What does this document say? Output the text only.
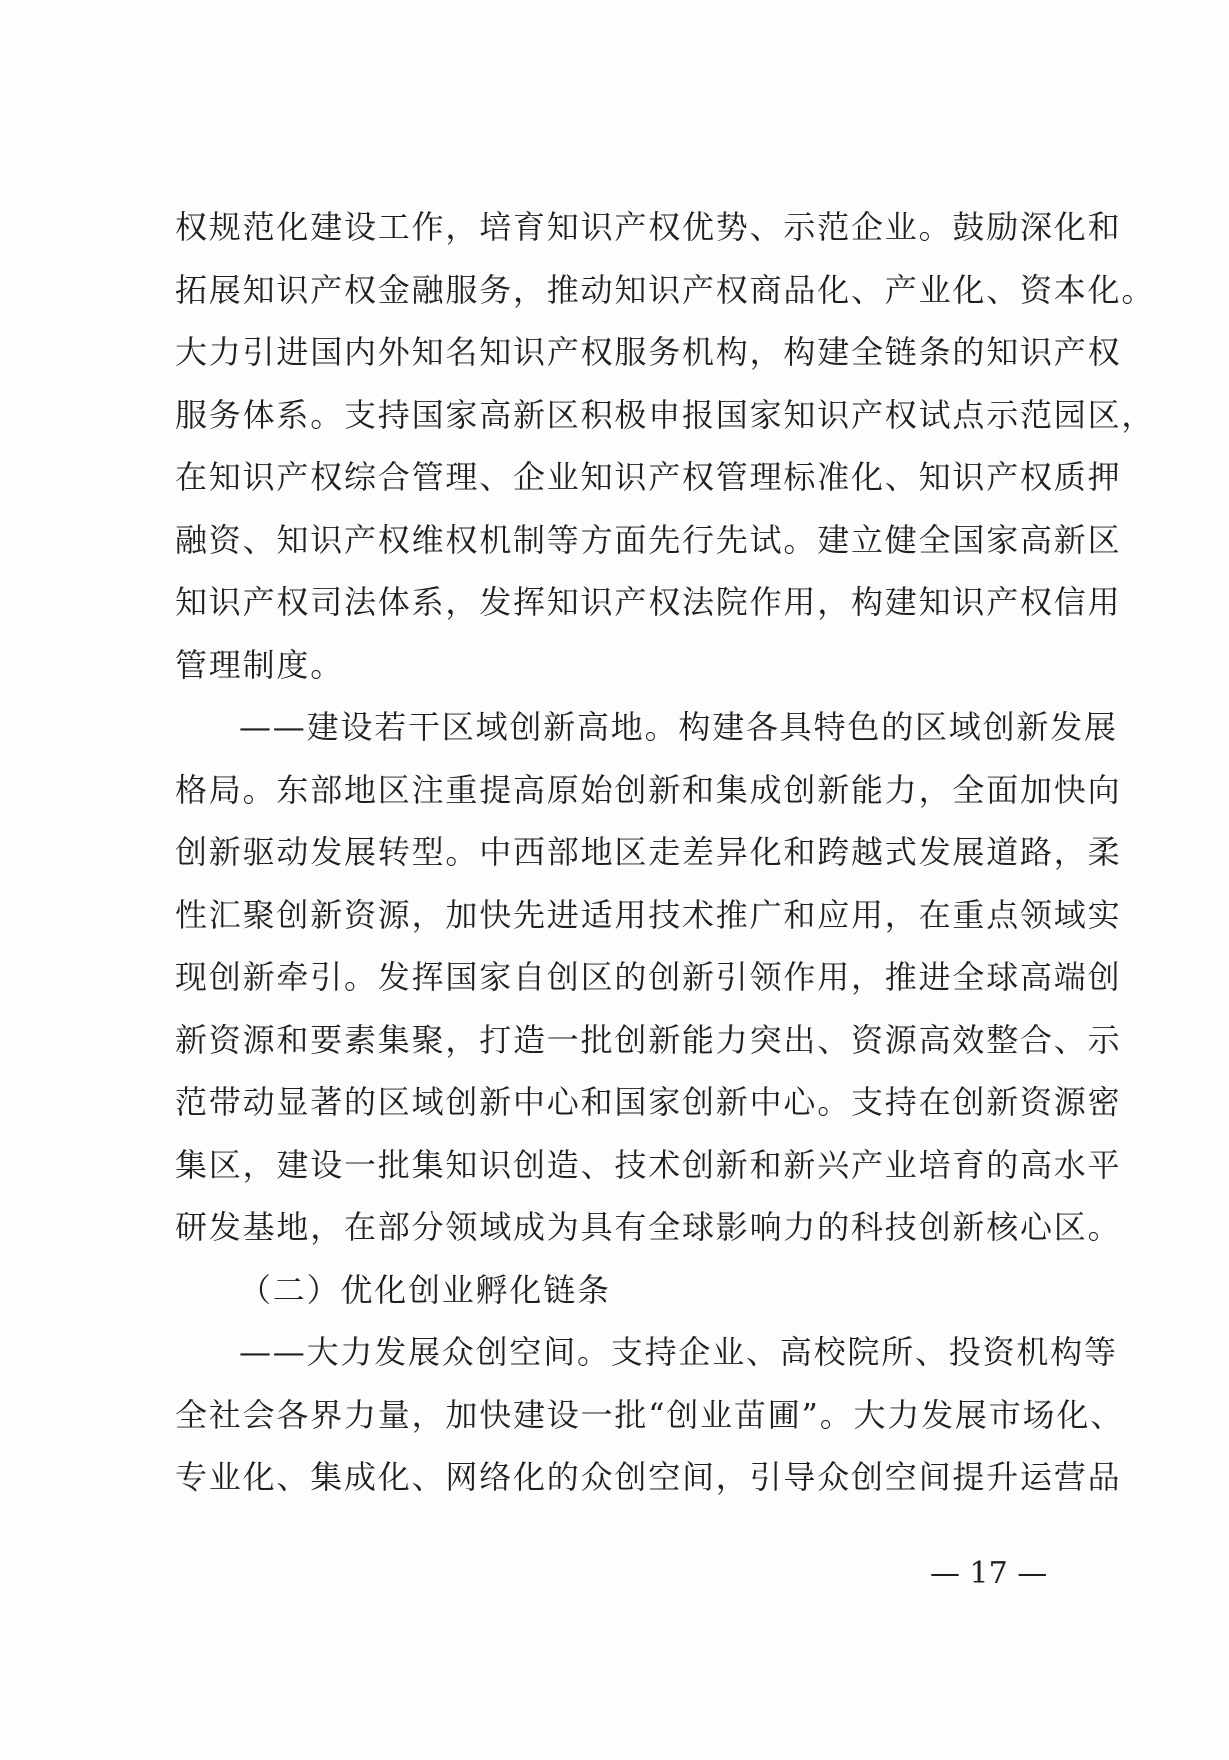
权规范化建设工作，培育知识产权优势、示范企业。鼓励深化和
拓展知识产权金融服务，推动知识产权商品化、产业化、资本化。
大力引进国内外知名知识产权服务机构，构建全链条的知识产权
服务体系。支持国家高新区积极申报国家知识产权试点示范园区，
在知识产权综合管理、企业知识产权管理标准化、知识产权质押
融资、知识产权维权机制等方面先行先试。建立健全国家高新区
知识产权司法体系，发挥知识产权法院作用，构建知识产权信用
管理制度。
——建设若干区域创新高地。构建各具特色的区域创新发展
格局。东部地区注重提高原始创新和集成创新能力，全面加快向
创新驱动发展转型。中西部地区走差异化和跨越式发展道路，柔
性汇聚创新资源，加快先进适用技术推广和应用，在重点领域实
现创新牵引。发挥国家自创区的创新引领作用，推进全球高端创
新资源和要素集聚，打造一批创新能力突出、资源高效整合、示
范带动显著的区域创新中心和国家创新中心。支持在创新资源密
集区，建设一批集知识创造、技术创新和新兴产业培育的高水平
研发基地，在部分领域成为具有全球影响力的科技创新核心区。
（二）优化创业孵化链条
——大力发展众创空间。支持企业、高校院所、投资机构等
全社会各界力量，加快建设一批“创业苗圃”。大力发展市场化、
专业化、集成化、网络化的众创空间，引导众创空间提升运营品
— 17 —
